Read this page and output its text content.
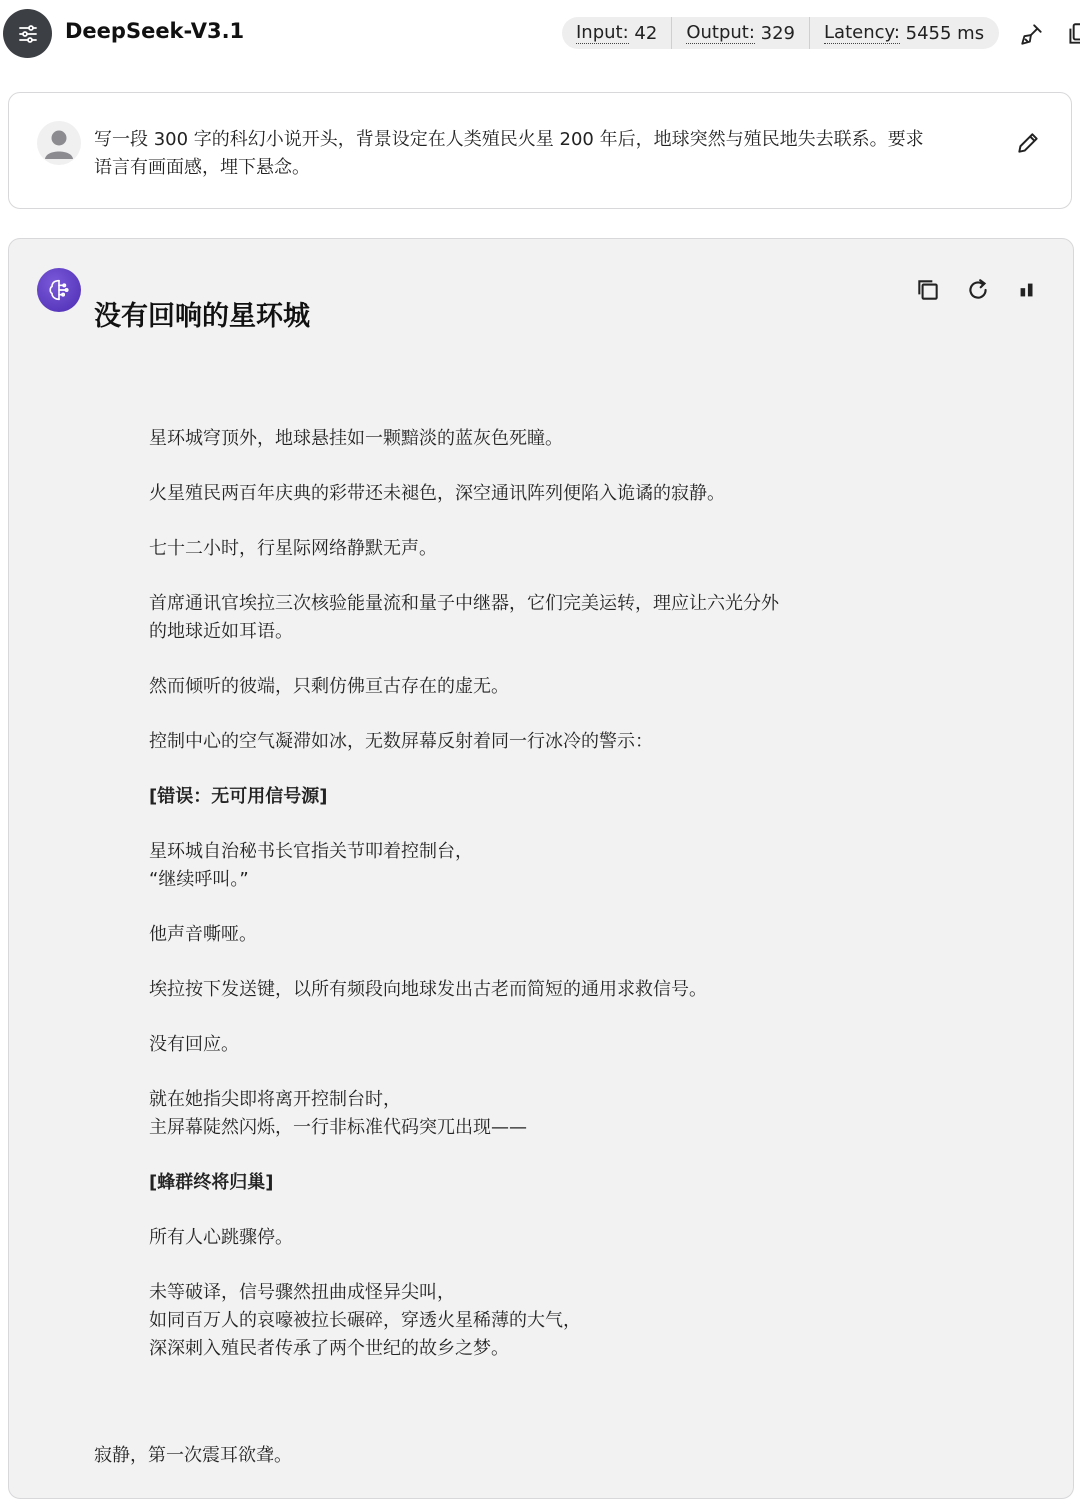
DeepSeek-V3.1	Input:
42 Output:
329 Latency:
5455 ms
写一段 300 字的科幻小说开头，背景设定在人类殖民火星 200 年后，地球突然与殖民地失去联系。要求
语言有画面感，埋下悬念。
没有回响的星环城
星环城穹顶外，地球悬挂如一颗黯淡的蓝灰色死瞳。
火星殖民两百年庆典的彩带还未褪色，深空通讯阵列便陷入诡谲的寂静。
七十二小时，行星际网络静默无声。
首席通讯官埃拉三次核验能量流和量子中继器，它们完美运转，理应让六光分外
的地球近如耳语。
然而倾听的彼端，只剩仿佛亘古存在的虚无。
控制中心的空气凝滞如冰，无数屏幕反射着同一行冰冷的警示：
[错误：无可用信号源]
星环城自治秘书长官指关节叩着控制台，
“继续呼叫。”
他声音嘶哑。
埃拉按下发送键，以所有频段向地球发出古老而简短的通用求救信号。
没有回应。
就在她指尖即将离开控制台时，
主屏幕陡然闪烁，一行非标准代码突兀出现——
[蜂群终将归巢]
所有人心跳骤停。
未等破译，信号骤然扭曲成怪异尖叫，
如同百万人的哀嚎被拉长碾碎，穿透火星稀薄的大气，
深深刺入殖民者传承了两个世纪的故乡之梦。
寂静，第一次震耳欲聋。
